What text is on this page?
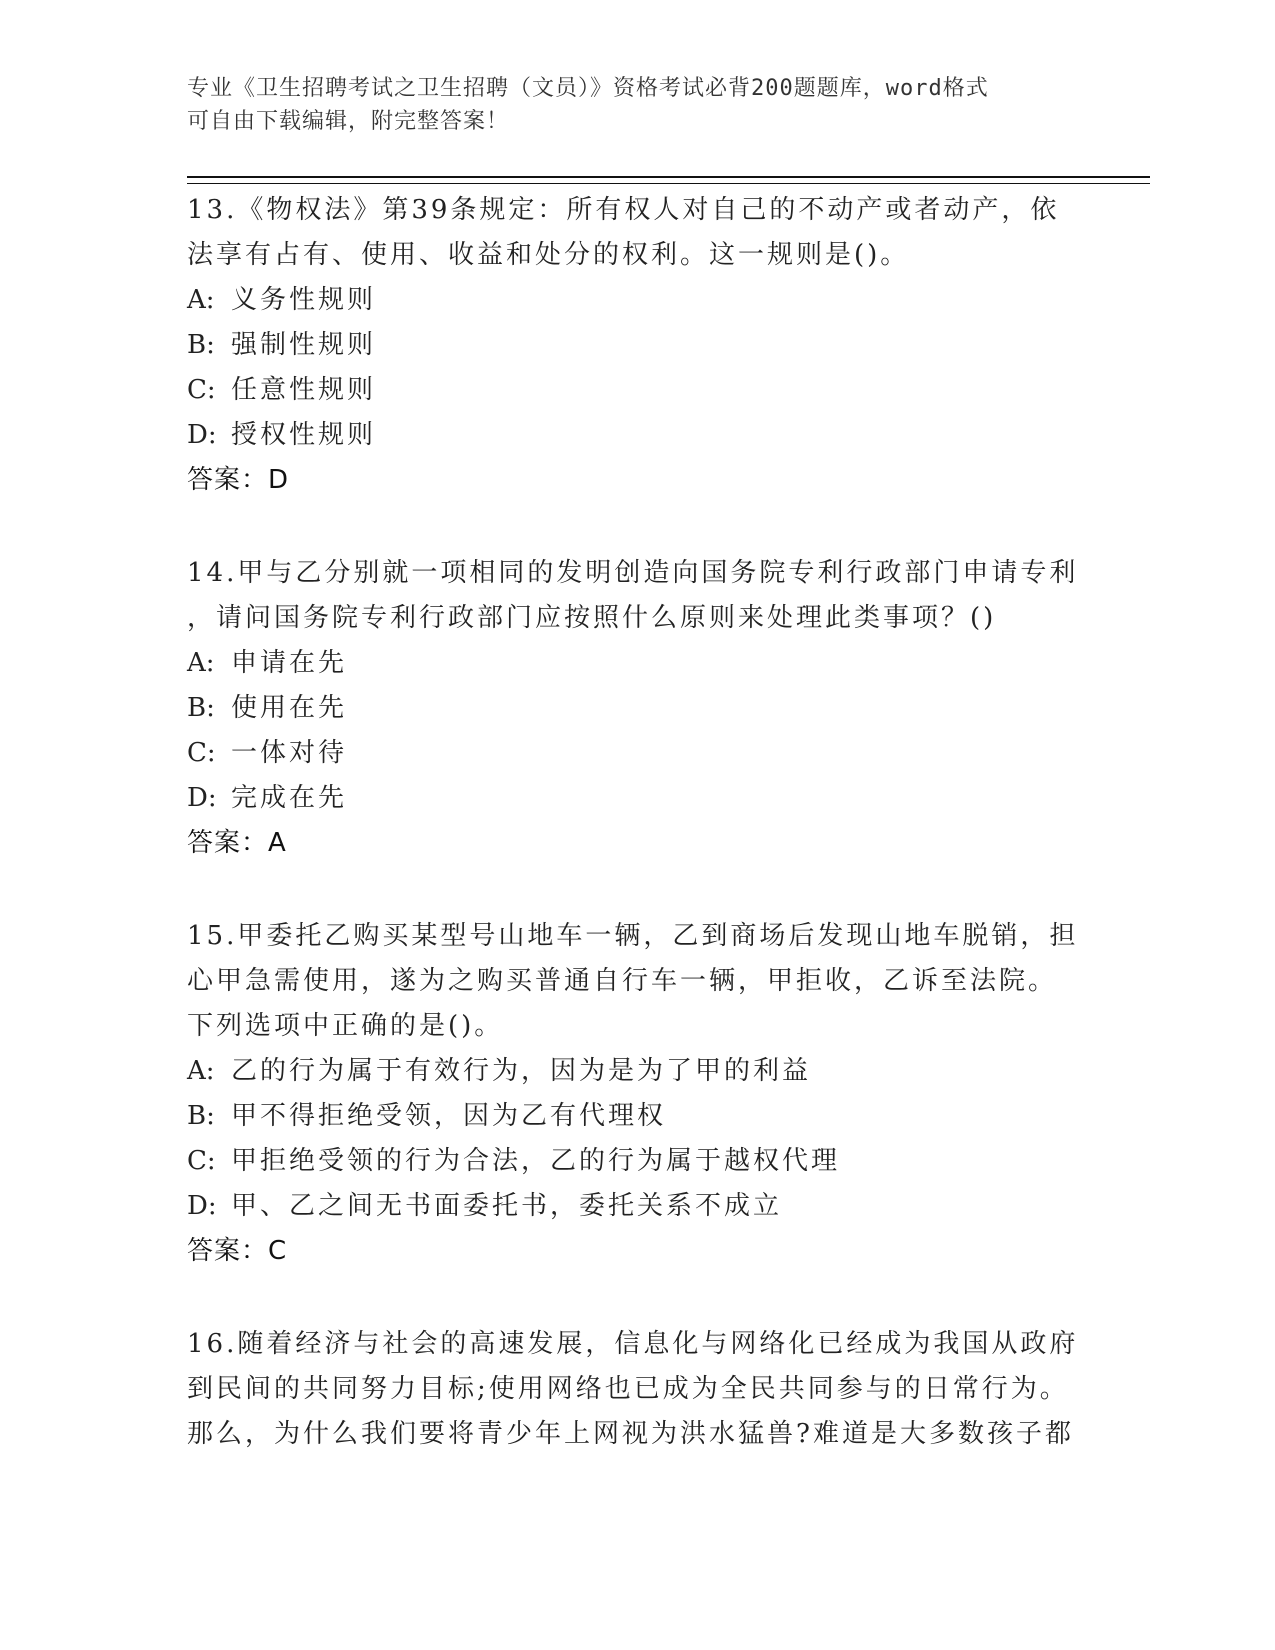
专业《卫生招聘考试之卫生招聘（文员）》资格考试必背200题题库，word格式
可自由下载编辑，附完整答案！
13.《物权法》第39条规定：所有权人对自己的不动产或者动产，依
法享有占有、使用、收益和处分的权利。这一规则是()。
A: 义务性规则
B: 强制性规则
C: 任意性规则
D: 授权性规则
答案：D
14.甲与乙分别就一项相同的发明创造向国务院专利行政部门申请专利
，请问国务院专利行政部门应按照什么原则来处理此类事项？()
A: 申请在先
B: 使用在先
C: 一体对待
D: 完成在先
答案：A
15.甲委托乙购买某型号山地车一辆，乙到商场后发现山地车脱销，担
心甲急需使用，遂为之购买普通自行车一辆，甲拒收，乙诉至法院。
下列选项中正确的是()。
A: 乙的行为属于有效行为，因为是为了甲的利益
B: 甲不得拒绝受领，因为乙有代理权
C: 甲拒绝受领的行为合法，乙的行为属于越权代理
D: 甲、乙之间无书面委托书，委托关系不成立
答案：C
16.随着经济与社会的高速发展，信息化与网络化已经成为我国从政府
到民间的共同努力目标;使用网络也已成为全民共同参与的日常行为。
那么，为什么我们要将青少年上网视为洪水猛兽?难道是大多数孩子都
